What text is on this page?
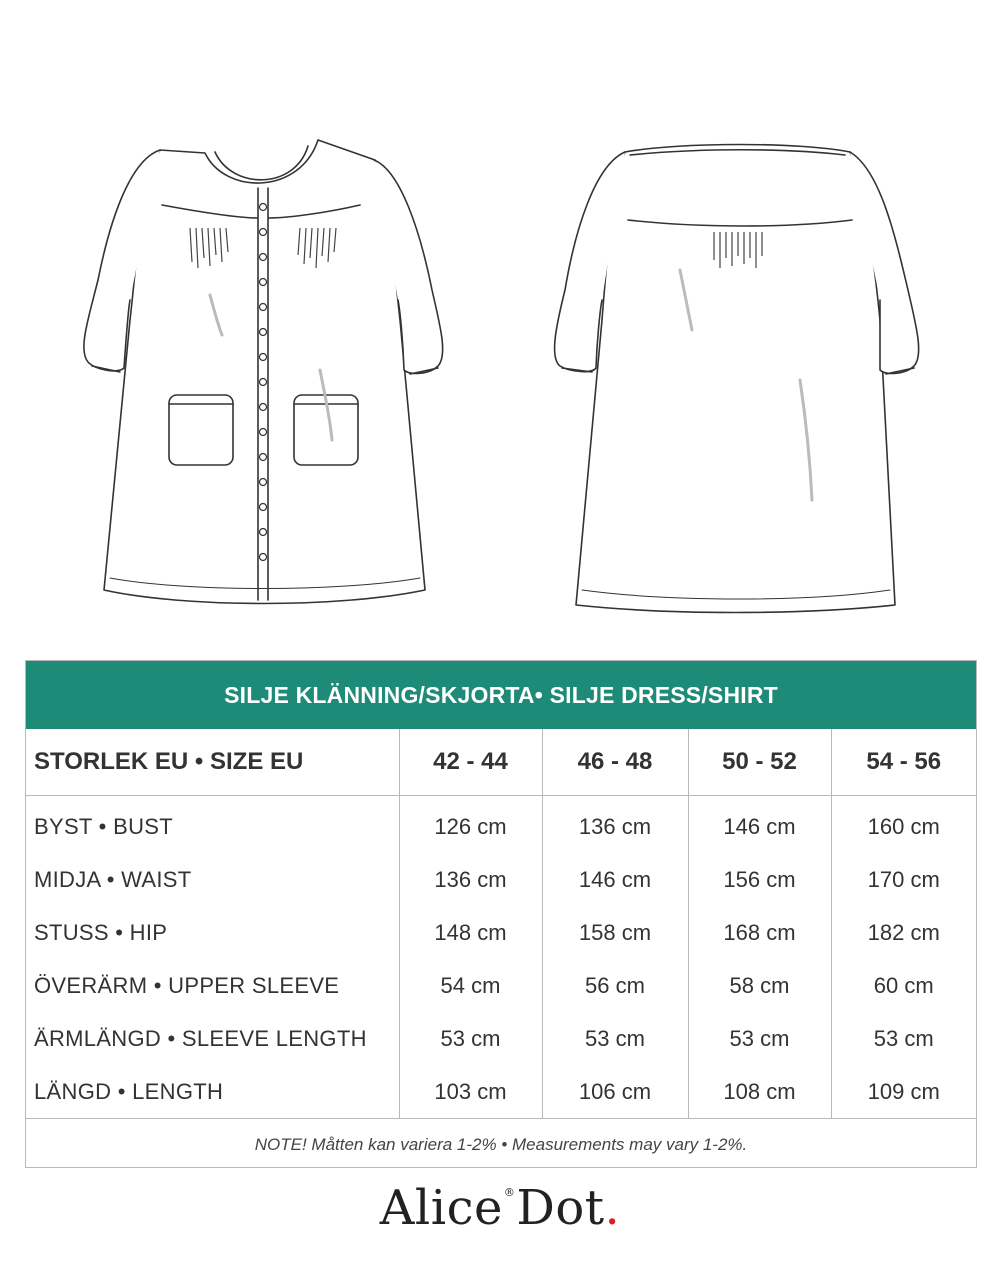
SILJE KLÄNNING/SKJORTA• SILJE DRESS/SHIRT
STORLEK EU • SIZE EU	42 - 44	46 - 48	50 - 52	54 - 56
BYST • BUST	126 cm	136 cm	146 cm	160 cm
MIDJA • WAIST	136 cm	146 cm	156 cm	170 cm
STUSS • HIP	148 cm	158 cm	168 cm	182 cm
ÖVERÄRM • UPPER SLEEVE	54 cm	56 cm	58 cm	60 cm
ÄRMLÄNGD • SLEEVE LENGTH	53 cm	53 cm	53 cm	53 cm
LÄNGD • LENGTH	103 cm	106 cm	108 cm	109 cm
NOTE! Måtten kan variera 1-2% • Measurements may vary 1-2%.
Alice®Dot.
